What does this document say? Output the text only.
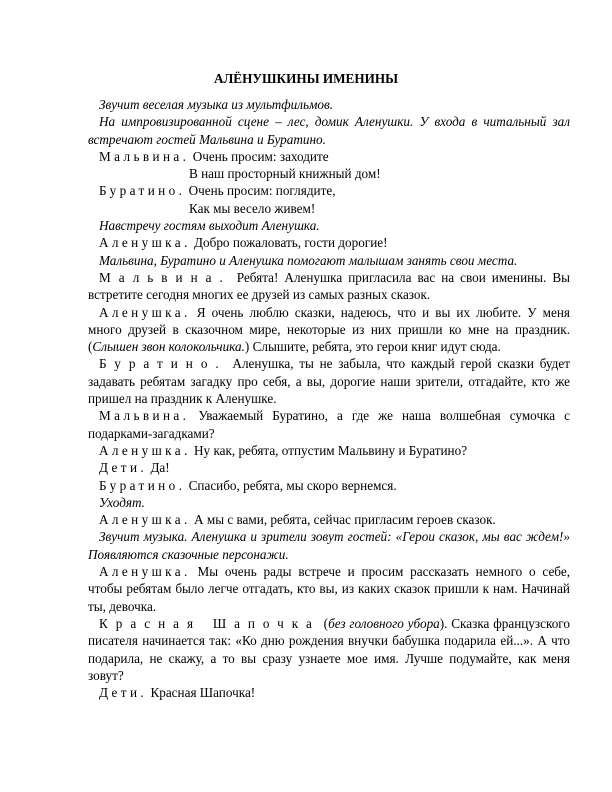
АЛЁНУШКИНЫ ИМЕНИНЫ

Звучит веселая музыка из мультфильмов.

На импровизированной сцене – лес, домик Аленушки. У входа в читальный зал встречают гостей Мальвина и Буратино.

Мальвина. Очень просим: заходите

В наш просторный книжный дом!

Буратино. Очень просим: поглядите,

Как мы весело живем!

Навстречу гостям выходит Аленушка.

Аленушка. Добро пожаловать, гости дорогие!

Мальвина, Буратино и Аленушка помогают малышам занять свои места.

Мальвина. Ребята! Аленушка пригласила вас на свои именины. Вы встретите сегодня многих ее друзей из самых разных сказок.

Аленушка. Я очень люблю сказки, надеюсь, что и вы их любите. У меня много друзей в сказочном мире, некоторые из них пришли ко мне на праздник. (Слышен звон колокольчика.) Слышите, ребята, это герои книг идут сюда.

Буратино. Аленушка, ты не забыла, что каждый герой сказки будет задавать ребятам загадку про себя, а вы, дорогие наши зрители, отгадайте, кто же пришел на праздник к Аленушке.

Мальвина. Уважаемый Буратино, а где же наша волшебная сумочка с подарками-загадками?

Аленушка. Ну как, ребята, отпустим Мальвину и Буратино?

Дети. Да!

Буратино. Спасибо, ребята, мы скоро вернемся.

Уходят.

Аленушка. А мы с вами, ребята, сейчас пригласим героев сказок.

Звучит музыка. Аленушка и зрители зовут гостей: «Герои сказок, мы вас ждем!» Появляются сказочные персонажи.

Аленушка. Мы очень рады встрече и просим рассказать немного о себе, чтобы ребятам было легче отгадать, кто вы, из каких сказок пришли к нам. Начинай ты, девочка.

Красная Шапочка (без головного убора). Сказка французского писателя начинается так: «Ко дню рождения внучки бабушка подарила ей...». А что подарила, не скажу, а то вы сразу узнаете мое имя. Лучше подумайте, как меня зовут?

Дети. Красная Шапочка!
